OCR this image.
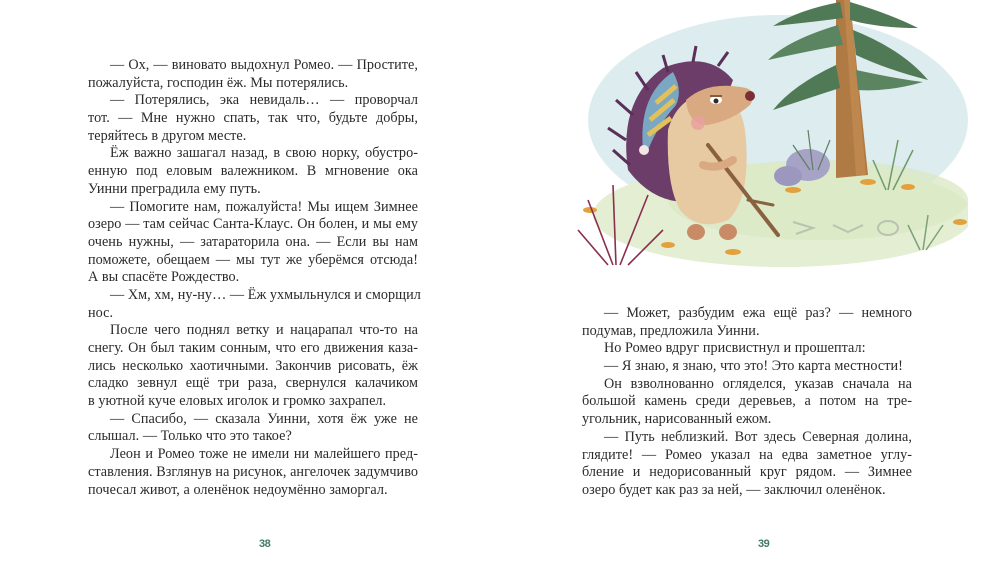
— Ох, — виновато выдохнул Ромео. — Простите,
пожалуйста, господин ёж. Мы потерялись.
— Потерялись, эка невидаль… — проворчал
тот. — Мне нужно спать, так что, будьте добры,
теряйтесь в другом месте.
Ёж важно зашагал назад, в свою норку, обустро-
енную под еловым валежником. В мгновение ока
Уинни преградила ему путь.
— Помогите нам, пожалуйста! Мы ищем Зимнее
озеро — там сейчас Санта-Клаус. Он болен, и мы ему
очень нужны, — затараторила она. — Если вы нам
поможете, обещаем — мы тут же уберёмся отсюда!
А вы спасёте Рождество.
— Хм, хм, ну-ну… — Ёж ухмыльнулся и сморщил
нос.
После чего поднял ветку и нацарапал что-то на
снегу. Он был таким сонным, что его движения каза-
лись несколько хаотичными. Закончив рисовать, ёж
сладко зевнул ещё три раза, свернулся калачиком
в уютной куче еловых иголок и громко захрапел.
— Спасибо, — сказала Уинни, хотя ёж уже не
слышал. — Только что это такое?
Леон и Ромео тоже не имели ни малейшего пред-
ставления. Взглянув на рисунок, ангелочек задумчиво
почесал живот, а оленёнок недоумённо заморгал.
38
— Может, разбудим ежа ещё раз? — немного
подумав, предложила Уинни.
Но Ромео вдруг присвистнул и прошептал:
— Я знаю, я знаю, что это! Это карта местности!
Он взволнованно огляделся, указав сначала на
большой камень среди деревьев, а потом на тре-
угольник, нарисованный ежом.
— Путь неблизкий. Вот здесь Северная долина,
глядите! — Ромео указал на едва заметное углу-
бление и недорисованный круг рядом. — Зимнее
озеро будет как раз за ней, — заключил оленёнок.
39
